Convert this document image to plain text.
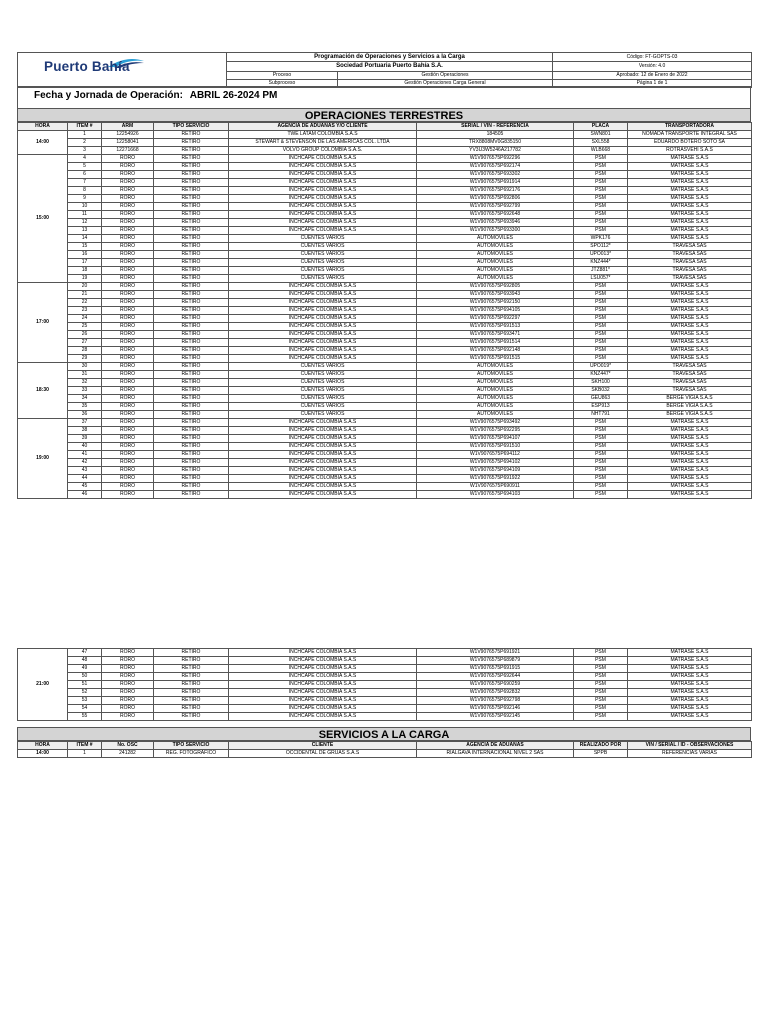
Puerto Bahía	Programación de Operaciones y Servicios a la Carga		Código: FT-GOPTS-03
	Sociedad Portuaria Puerto Bahía S.A.		Versión: 4.0
	Proceso	Gestión Operaciones	Aprobado: 12 de Enero de 2022
	Subproceso	Gestión Operaciones Carga General	Página 1 de 1
Fecha y Jornada de Operación: ABRIL 26-2024 PM
OPERACIONES TERRESTRES
HORA	ÍTEM #	ARM	TIPO SERVICIO	AGENCIA DE ADUANAS Y/O CLIENTE	SERIAL / VIN - REFERENCIA	PLACA	TRANSPORTADORA
14:00	1	12254926	RETIRO	TWE LATAM COLOMBIA S.A.S	184505	SWN801	NOMADA TRANSPORTE INTEGRAL SAS
	2	12258041	RETIRO	STEWART & STEVENSON DE LAS AMERICAS COL. LTDA	TRX8808MV0G835150	SXL558	EDUARDO BOTERO SOTO SA
	3	12271668	RETIRO	VOLVO GROUP COLOMBIA S.A.S.	YV3U3W5246A217782	WLB668	ROTRASVEHI S.A.S
15:00	4	RORO	RETIRO	INCHCAPE COLOMBIA S.A.S	W1V9076575P692296	PSM	MATRASE S.A.S
	5	RORO	RETIRO	INCHCAPE COLOMBIA S.A.S	W1V9076575P692174	PSM	MATRASE S.A.S
	6	RORO	RETIRO	INCHCAPE COLOMBIA S.A.S	W1V9076575P693302	PSM	MATRASE S.A.S
	7	RORO	RETIRO	INCHCAPE COLOMBIA S.A.S	W1V9076575P691914	PSM	MATRASE S.A.S
	8	RORO	RETIRO	INCHCAPE COLOMBIA S.A.S	W1V9076575P692176	PSM	MATRASE S.A.S
	9	RORO	RETIRO	INCHCAPE COLOMBIA S.A.S	W1V9076575P692806	PSM	MATRASE S.A.S
	10	RORO	RETIRO	INCHCAPE COLOMBIA S.A.S	W1V9076575P692799	PSM	MATRASE S.A.S
	11	RORO	RETIRO	INCHCAPE COLOMBIA S.A.S	W1V9076575P692648	PSM	MATRASE S.A.S
	12	RORO	RETIRO	INCHCAPE COLOMBIA S.A.S	W1V9076575P693946	PSM	MATRASE S.A.S
	13	RORO	RETIRO	INCHCAPE COLOMBIA S.A.S	W1V9076575P693300	PSM	MATRASE S.A.S
	14	RORO	RETIRO	CUENTES VARIOS	AUTOMOVILES	WPK176	MATRASE S.A.S
	15	RORO	RETIRO	CUENTES VARIOS	AUTOMOVILES	SPO112*	TRAVESA SAS
	16	RORO	RETIRO	CUENTES VARIOS	AUTOMOVILES	UPO013*	TRAVESA SAS
	17	RORO	RETIRO	CUENTES VARIOS	AUTOMOVILES	KNZ444*	TRAVESA SAS
	18	RORO	RETIRO	CUENTES VARIOS	AUTOMOVILES	JTZ881*	TRAVESA SAS
	19	RORO	RETIRO	CUENTES VARIOS	AUTOMOVILES	LSU057*	TRAVESA SAS
17:00	20	RORO	RETIRO	INCHCAPE COLOMBIA S.A.S	W1V9076575P692805	PSM	MATRASE S.A.S
	21	RORO	RETIRO	INCHCAPE COLOMBIA S.A.S	W1V9076575P693943	PSM	MATRASE S.A.S
	22	RORO	RETIRO	INCHCAPE COLOMBIA S.A.S	W1V9076575P692150	PSM	MATRASE S.A.S
	23	RORO	RETIRO	INCHCAPE COLOMBIA S.A.S	W1V9076575P694105	PSM	MATRASE S.A.S
	24	RORO	RETIRO	INCHCAPE COLOMBIA S.A.S	W1V9076575P692297	PSM	MATRASE S.A.S
	25	RORO	RETIRO	INCHCAPE COLOMBIA S.A.S	W1V9076575P691513	PSM	MATRASE S.A.S
	26	RORO	RETIRO	INCHCAPE COLOMBIA S.A.S	W1V9076575P693471	PSM	MATRASE S.A.S
	27	RORO	RETIRO	INCHCAPE COLOMBIA S.A.S	W1V9076575P691514	PSM	MATRASE S.A.S
	28	RORO	RETIRO	INCHCAPE COLOMBIA S.A.S	W1V9076575P692148	PSM	MATRASE S.A.S
	29	RORO	RETIRO	INCHCAPE COLOMBIA S.A.S	W1V9076575P691515	PSM	MATRASE S.A.S
18:30	30	RORO	RETIRO	CUENTES VARIOS	AUTOMOVILES	UPO019*	TRAVESA SAS
	31	RORO	RETIRO	CUENTES VARIOS	AUTOMOVILES	KNZ447*	TRAVESA SAS
	32	RORO	RETIRO	CUENTES VARIOS	AUTOMOVILES	SKH100	TRAVESA SAS
	33	RORO	RETIRO	CUENTES VARIOS	AUTOMOVILES	SKB032	TRAVESA SAS
	34	RORO	RETIRO	CUENTES VARIOS	AUTOMOVILES	GEU863	BERGÉ VIGIA S.A.S
	35	RORO	RETIRO	CUENTES VARIOS	AUTOMOVILES	ESP913	BERGÉ VIGIA S.A.S
	36	RORO	RETIRO	CUENTES VARIOS	AUTOMOVILES	NHT791	BERGÉ VIGIA S.A.S
19:00	37	RORO	RETIRO	INCHCAPE COLOMBIA S.A.S	W1V9076575P693492	PSM	MATRASE S.A.S
	38	RORO	RETIRO	INCHCAPE COLOMBIA S.A.S	W1V9076575P692295	PSM	MATRASE S.A.S
	39	RORO	RETIRO	INCHCAPE COLOMBIA S.A.S	W1V9076575P694107	PSM	MATRASE S.A.S
	40	RORO	RETIRO	INCHCAPE COLOMBIA S.A.S	W1V9076575P691510	PSM	MATRASE S.A.S
	41	RORO	RETIRO	INCHCAPE COLOMBIA S.A.S	W1V9076575P694112	PSM	MATRASE S.A.S
	42	RORO	RETIRO	INCHCAPE COLOMBIA S.A.S	W1V9076575P694102	PSM	MATRASE S.A.S
	43	RORO	RETIRO	INCHCAPE COLOMBIA S.A.S	W1V9076575P694109	PSM	MATRASE S.A.S
	44	RORO	RETIRO	INCHCAPE COLOMBIA S.A.S	W1V9076575P691922	PSM	MATRASE S.A.S
	45	RORO	RETIRO	INCHCAPE COLOMBIA S.A.S	W1V9076575P690911	PSM	MATRASE S.A.S
	46	RORO	RETIRO	INCHCAPE COLOMBIA S.A.S	W1V9076575P694103	PSM	MATRASE S.A.S
21:00	47	RORO	RETIRO	INCHCAPE COLOMBIA S.A.S	W1V9076575P691921	PSM	MATRASE S.A.S
	48	RORO	RETIRO	INCHCAPE COLOMBIA S.A.S	W1V9076575P689879	PSM	MATRASE S.A.S
	49	RORO	RETIRO	INCHCAPE COLOMBIA S.A.S	W1V9076575P691915	PSM	MATRASE S.A.S
	50	RORO	RETIRO	INCHCAPE COLOMBIA S.A.S	W1V9076575P692644	PSM	MATRASE S.A.S
	51	RORO	RETIRO	INCHCAPE COLOMBIA S.A.S	W1V9076575P690259	PSM	MATRASE S.A.S
	52	RORO	RETIRO	INCHCAPE COLOMBIA S.A.S	W1V9076575P692832	PSM	MATRASE S.A.S
	53	RORO	RETIRO	INCHCAPE COLOMBIA S.A.S	W1V9076575P692798	PSM	MATRASE S.A.S
	54	RORO	RETIRO	INCHCAPE COLOMBIA S.A.S	W1V9076575P692146	PSM	MATRASE S.A.S
	55	RORO	RETIRO	INCHCAPE COLOMBIA S.A.S	W1V9076575P692145	PSM	MATRASE S.A.S
SERVICIOS A LA CARGA
HORA	ÍTEM #	No. OSC	TIPO SERVICIO	CLIENTE	AGENCIA DE ADUANAS	REALIZADO POR	VIN / SERIAL / ID - OBSERVACIONES
14:00	1	241282	REG. FOTOGRAFICO	OCCIDENTAL DE GRUAS S.A.S	RIALGAVA INTERNACIONAL NIVEL 2 SAS	SPPB	REFERENCIAS VARIAS
